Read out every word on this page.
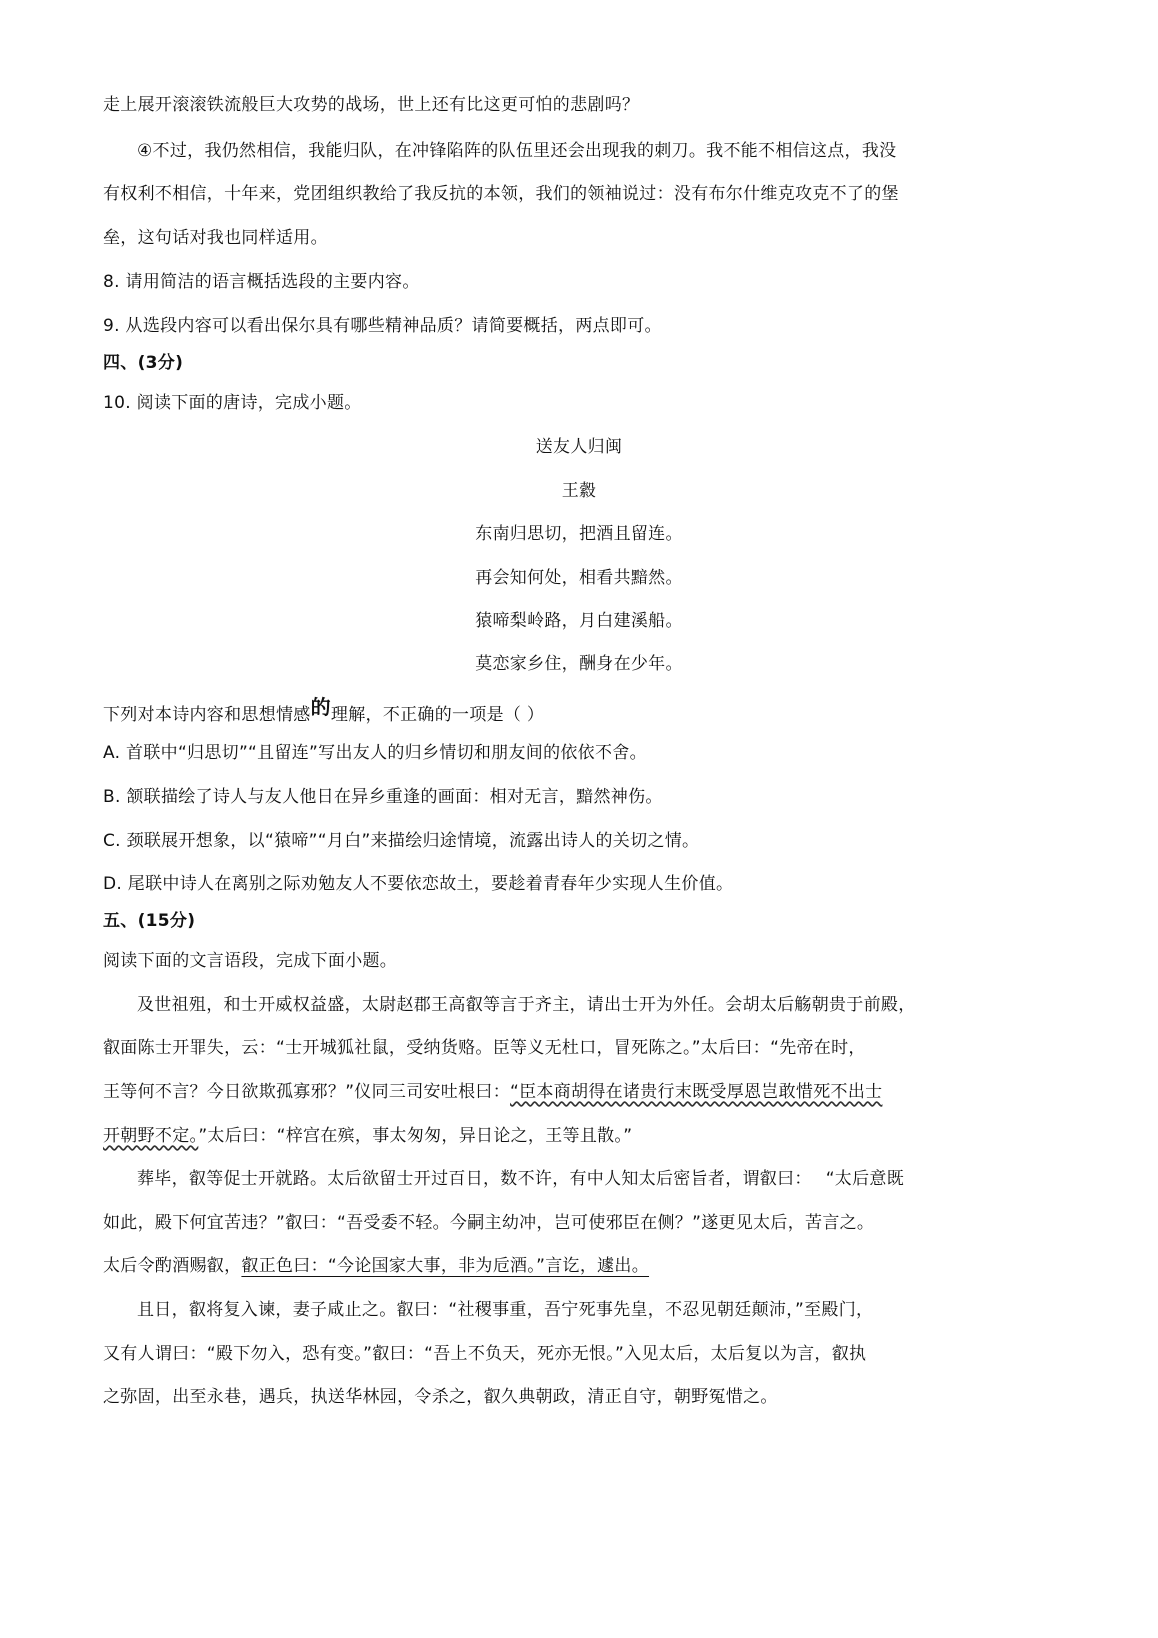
走上展开滚滚铁流般巨大攻势的战场，世上还有比这更可怕的悲剧吗？
④不过，我仍然相信，我能归队，在冲锋陷阵的队伍里还会出现我的刺刀。我不能不相信这点，我没
有权利不相信，十年来，党团组织教给了我反抗的本领，我们的领袖说过：没有布尔什维克攻克不了的堡
垒，这句话对我也同样适用。
8. 请用简洁的语言概括选段的主要内容。
9. 从选段内容可以看出保尔具有哪些精神品质？请简要概括，两点即可。
四、(3分)
10. 阅读下面的唐诗，完成小题。
送友人归闽
王縠
东南归思切，把酒且留连。
再会知何处，相看共黯然。
猿啼梨岭路，月白建溪船。
莫恋家乡住，酬身在少年。
下列对本诗内容和思想情感的理解，不正确的一项是（ ）
A. 首联中“归思切”“且留连”写出友人的归乡情切和朋友间的依依不舍。
B. 颔联描绘了诗人与友人他日在异乡重逢的画面：相对无言，黯然神伤。
C. 颈联展开想象，以“猿啼”“月白”来描绘归途情境，流露出诗人的关切之情。
D. 尾联中诗人在离别之际劝勉友人不要依恋故土，要趁着青春年少实现人生价值。
五、(15分)
阅读下面的文言语段，完成下面小题。
及世祖殂，和士开威权益盛，太尉赵郡王高叡等言于齐主，请出士开为外任。会胡太后觞朝贵于前殿，
叡面陈士开罪失，云：“士开城狐社鼠，受纳货赂。臣等义无杜口，冒死陈之。”太后曰：“先帝在时，
王等何不言？今日欲欺孤寡邪？”仪同三司安吐根曰：“臣本商胡得在诸贵行末既受厚恩岂敢惜死不出士
开朝野不定。”太后曰：“梓宫在殡，事太匆匆，异日论之，王等且散。”
葬毕，叡等促士开就路。太后欲留士开过百日，数不许，有中人知太后密旨者，谓叡曰： “太后意既
如此，殿下何宜苦违？”叡曰：“吾受委不轻。今嗣主幼冲，岂可使邪臣在侧？”遂更见太后，苦言之。
太后令酌酒赐叡，叡正色曰：“今论国家大事，非为卮酒。”言讫，遽出。
且日，叡将复入谏，妻子咸止之。叡曰：“社稷事重，吾宁死事先皇，不忍见朝廷颠沛，”至殿门，
又有人谓曰：“殿下勿入，恐有变。”叡曰：“吾上不负天，死亦无恨。”入见太后，太后复以为言，叡执
之弥固，出至永巷，遇兵，执送华林园，令杀之，叡久典朝政，清正自守，朝野冤惜之。
